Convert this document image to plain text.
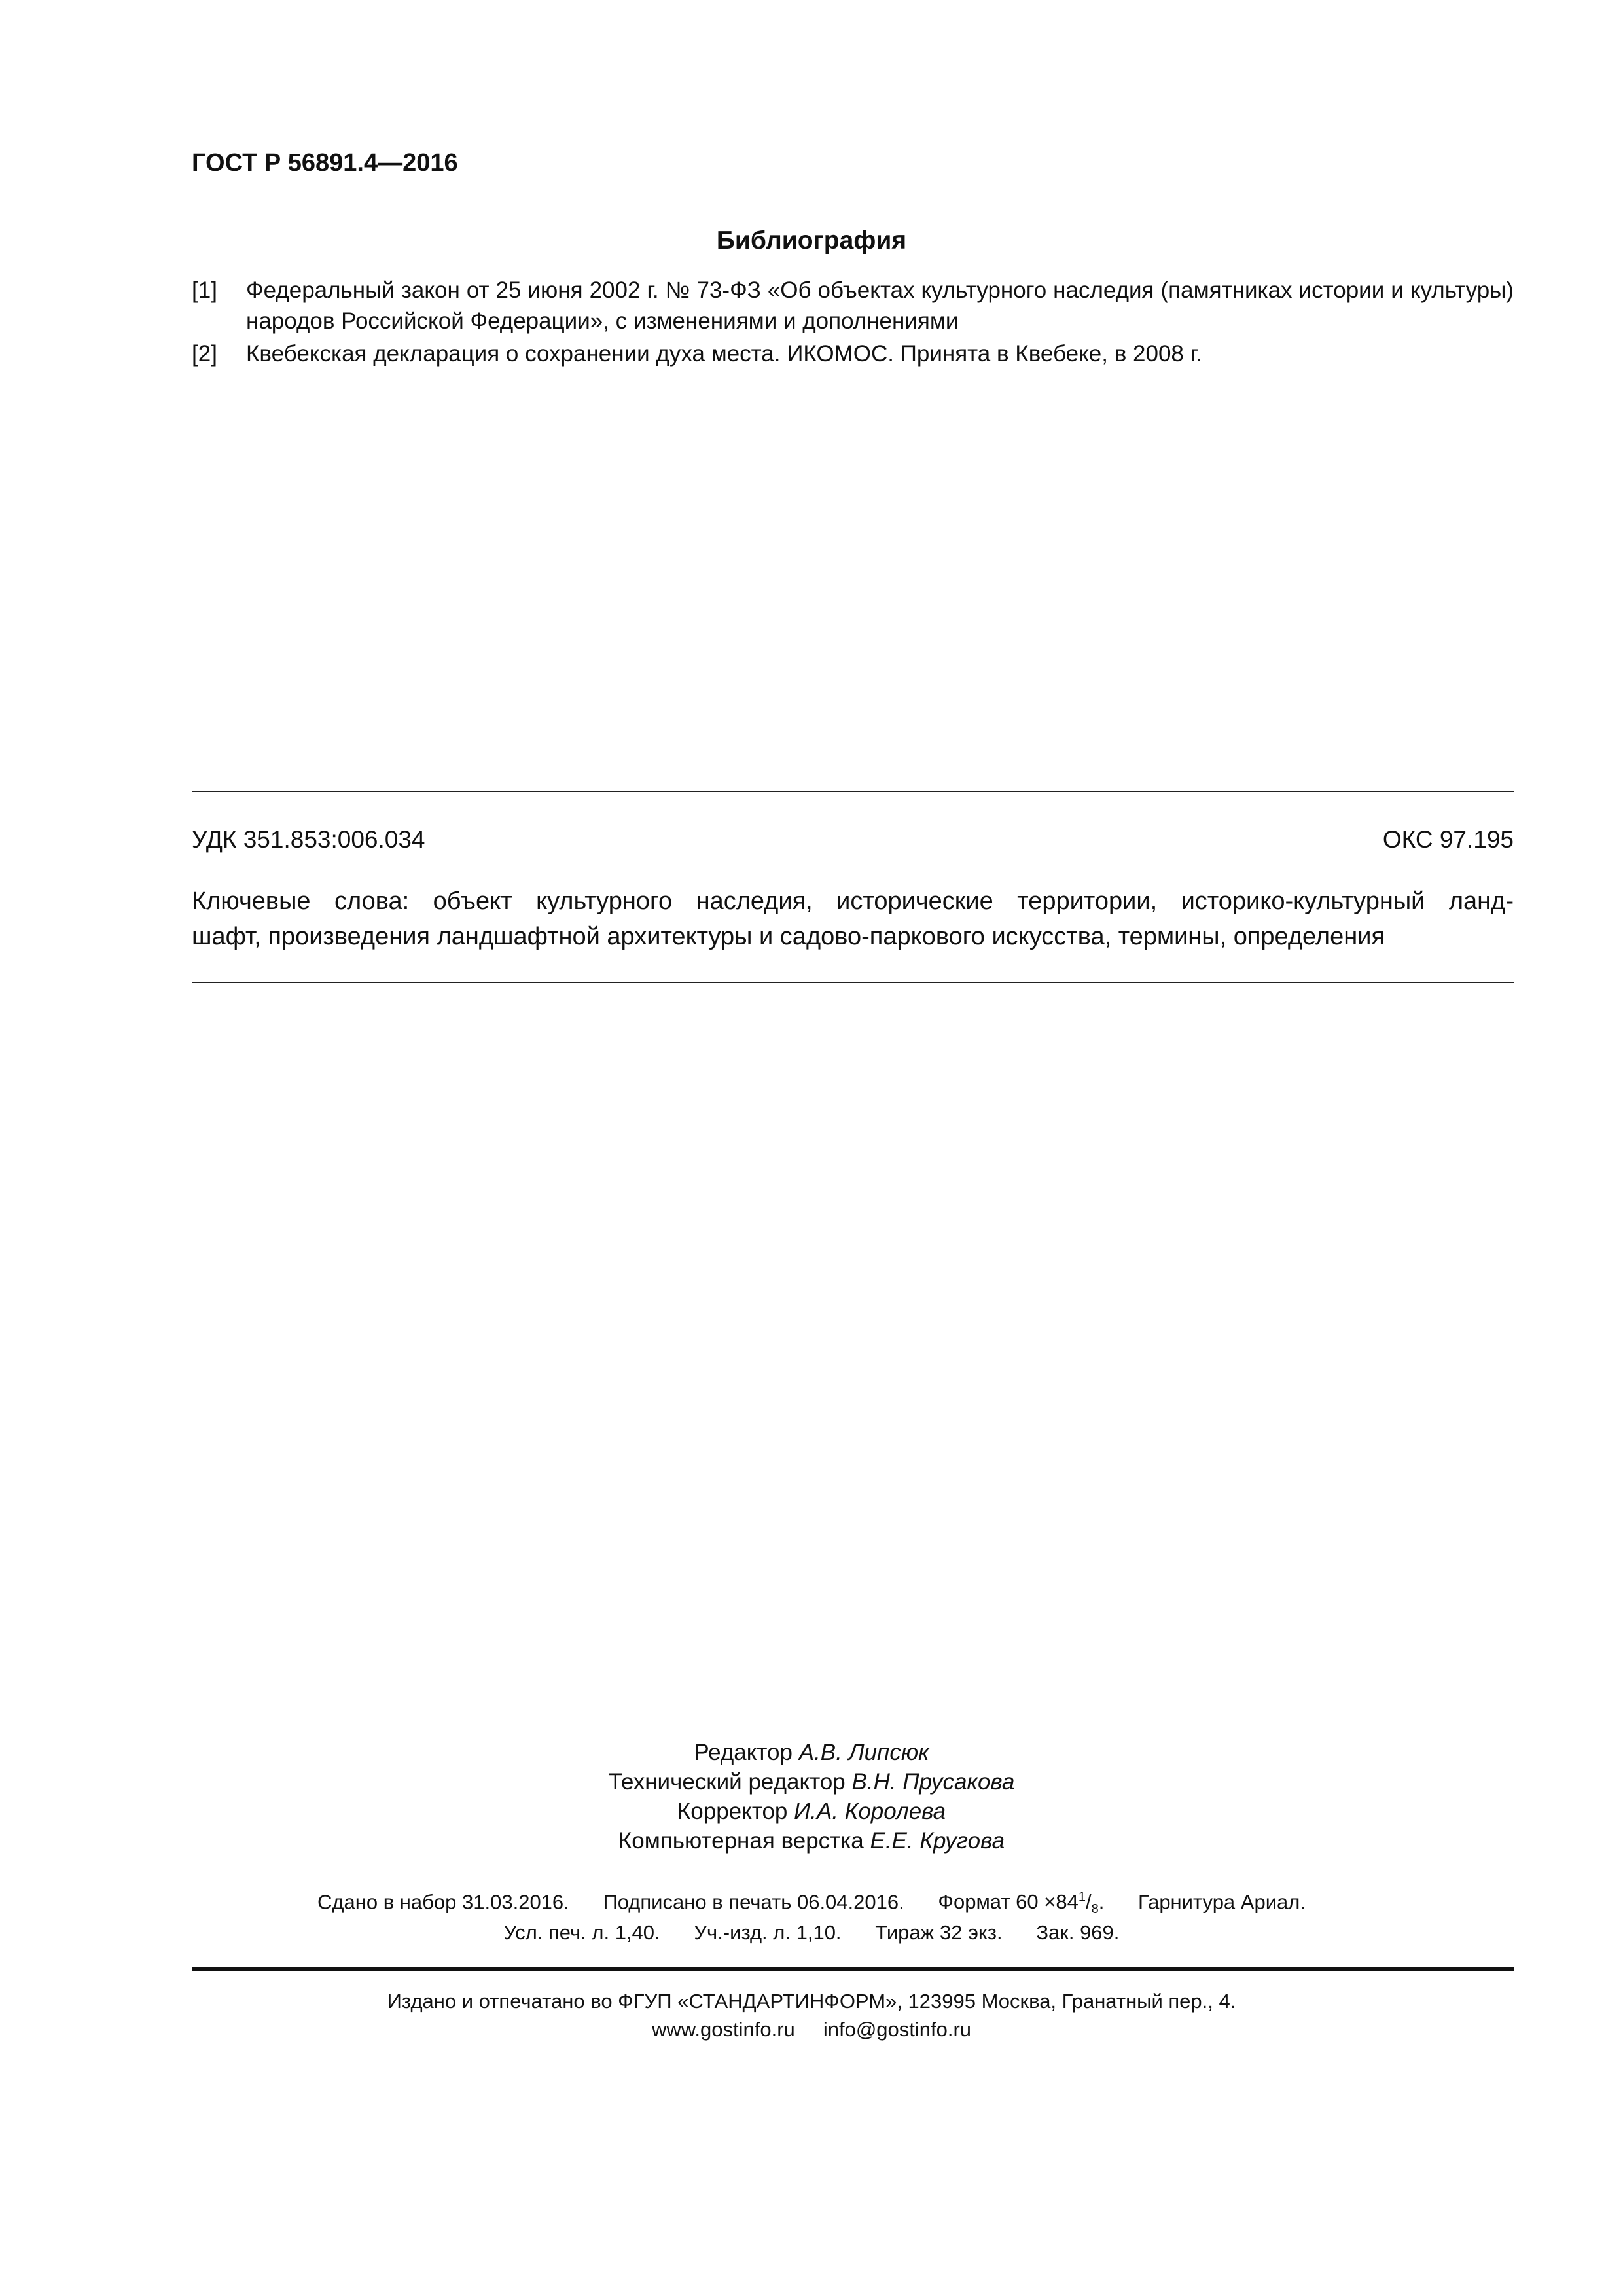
ГОСТ Р 56891.4—2016
Библиография
[1] Федеральный закон от 25 июня 2002 г. № 73-ФЗ «Об объектах культурного наследия (памятниках истории и культуры) народов Российской Федерации», с изменениями и дополнениями
[2] Квебекская декларация о сохранении духа места. ИКОМОС. Принята в Квебеке, в 2008 г.
УДК 351.853:006.034	ОКС 97.195
Ключевые слова: объект культурного наследия, исторические территории, историко-культурный ланд-
шафт, произведения ландшафтной архитектуры и садово-паркового искусства, термины, определения
Редактор А.В. Липсюк
Технический редактор В.Н. Прусакова
Корректор И.А. Королева
Компьютерная верстка Е.Е. Кругова
Сдано в набор 31.03.2016. Подписано в печать 06.04.2016. Формат $60 \times 84^1/_8$. Гарнитура Ариал.
Усл. печ. л. 1,40. Уч.-изд. л. 1,10. Тираж 32 экз. Зак. 969.
Издано и отпечатано во ФГУП «СТАНДАРТИНФОРМ», 123995 Москва, Гранатный пер., 4.
www.gostinfo.ru info@gostinfo.ru
